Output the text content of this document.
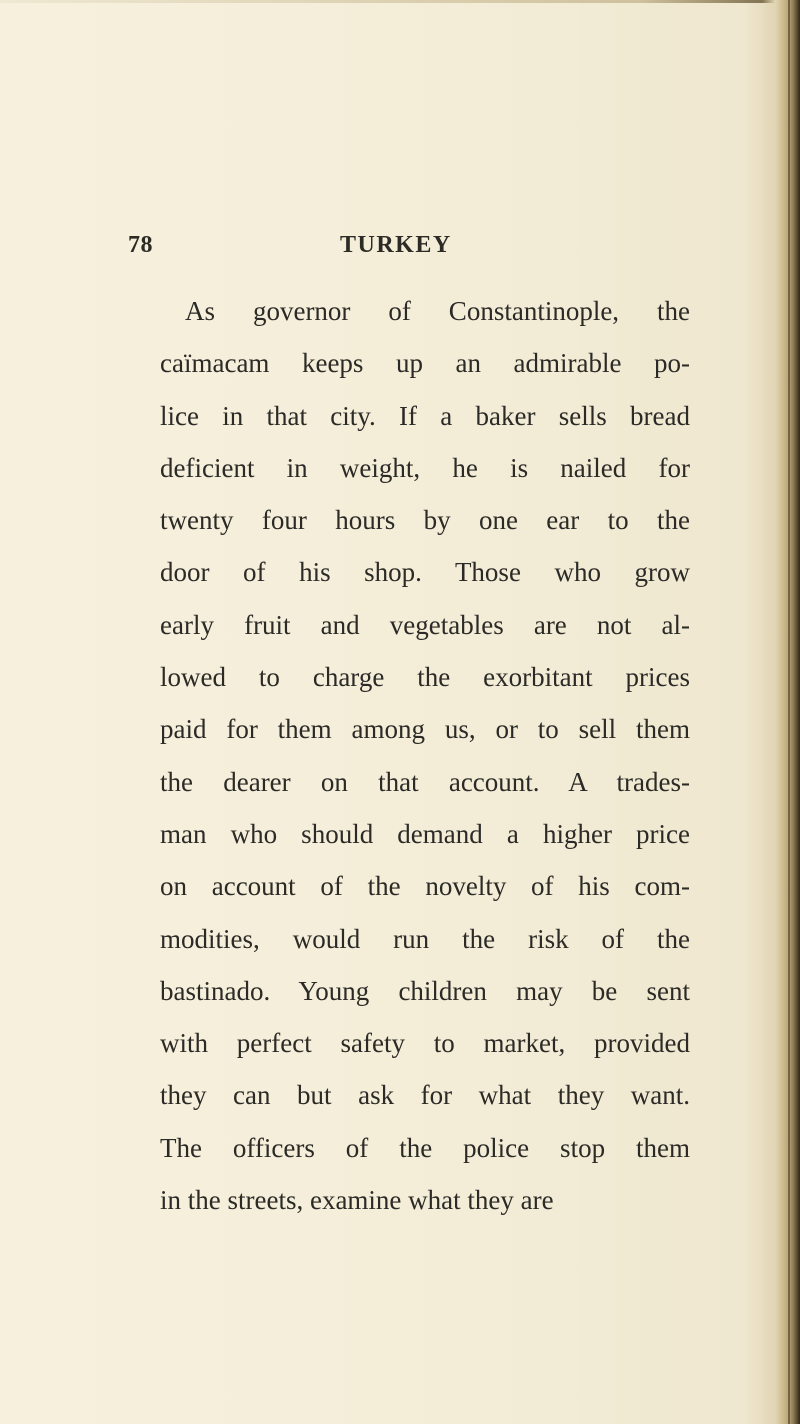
78	TURKEY
As governor of Constantinople, the
caïmacam keeps up an admirable po-
lice in that city. If a baker sells bread
deficient in weight, he is nailed for
twenty four hours by one ear to the
door of his shop. Those who grow
early fruit and vegetables are not al-
lowed to charge the exorbitant prices
paid for them among us, or to sell them
the dearer on that account. A trades-
man who should demand a higher price
on account of the novelty of his com-
modities, would run the risk of the
bastinado. Young children may be sent
with perfect safety to market, provided
they can but ask for what they want.
The officers of the police stop them
in the streets, examine what they are
